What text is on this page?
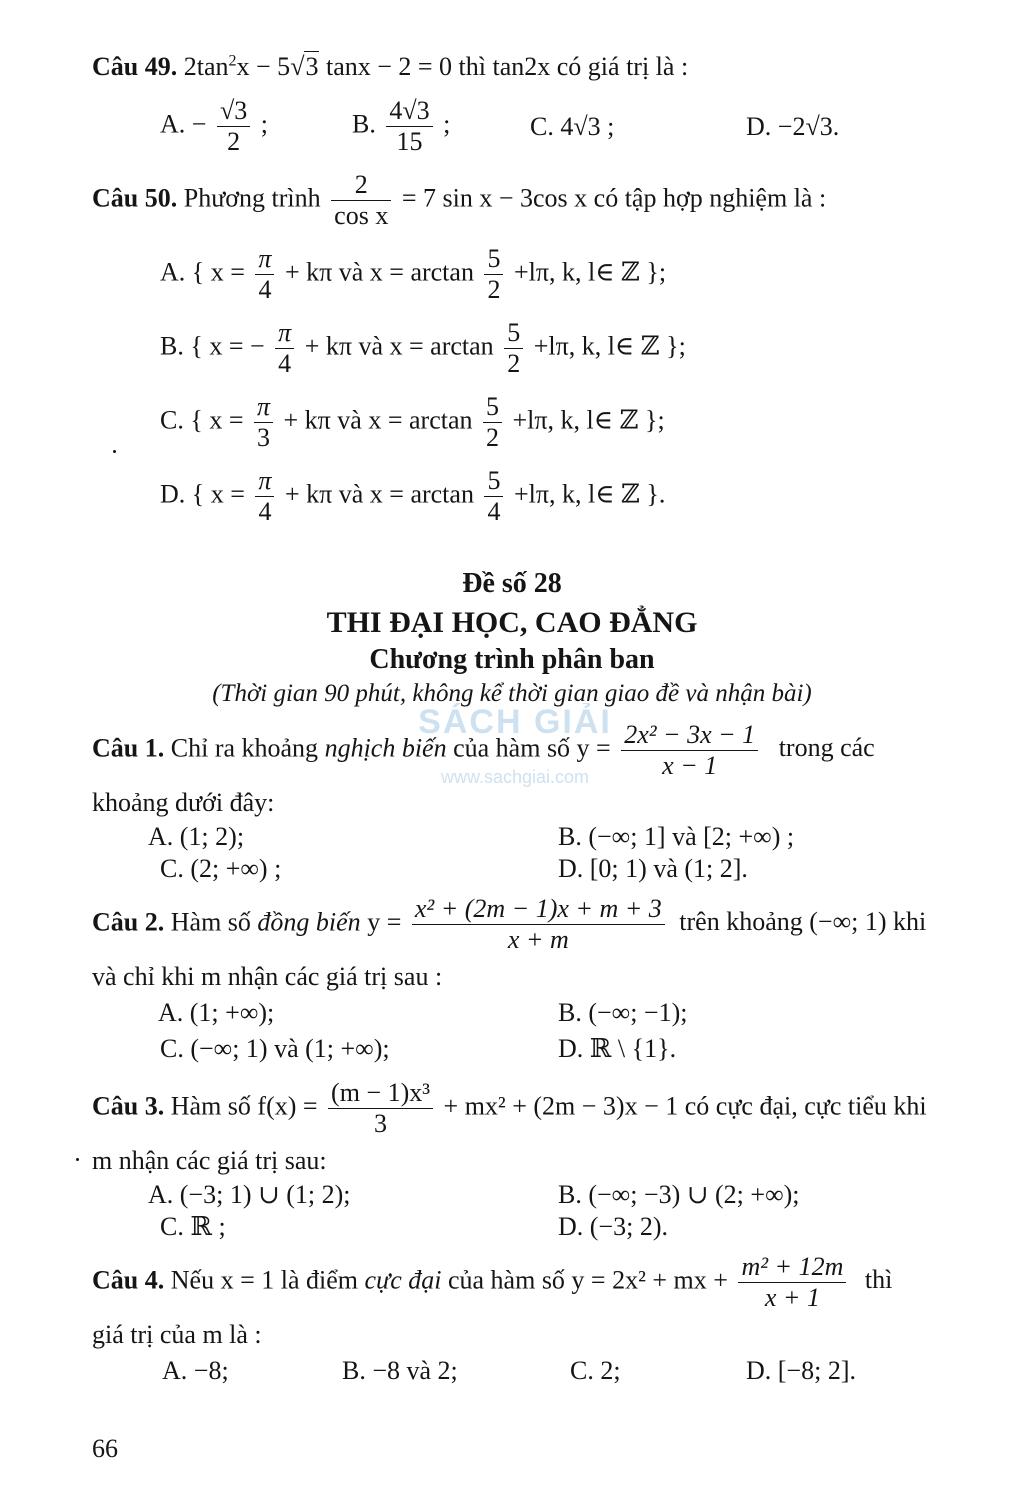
Câu 49. $2\tan^2x - 5√3$ tanx − 2 = 0 thì tan2x có giá trị là :
A. − $\frac{√3}{2}$ ;	B. $\frac{4√3}{15}$ ;	C. 4√3 ;	D. −2√3.
Câu 50. Phương trình $\frac{2}{\text{cos x}} = 7$ sin x − 3cos x có tập hợp nghiệm là :
A. { $x = \frac{\pi}{4} + k\pi$ và $x = \arctan \frac{5}{2} +l\pi$, k, l∈ ℤ };
B. { x = − $\frac{\pi}{4} + k\pi$ và $x = \arctan \frac{5}{2} +l\pi$, k, l∈ ℤ };
C. { $x = \frac{\pi}{3} + k\pi$ và $x = \arctan \frac{5}{2} +l\pi$, k, l∈ ℤ };
D. { $x = \frac{\pi}{4} + k\pi$ và $x = \arctan \frac{5}{4} +l\pi$, k, l∈ ℤ }.
Đề số 28
THI ĐẠI HỌC, CAO ĐẲNG
Chương trình phân ban
(Thời gian 90 phút, không kể thời gian giao đề và nhận bài)
SÁCH GIẢI
www.sachgiai.com
Câu 1. Chỉ ra khoảng nghịch biến của hàm số $y = \frac{\text{2x² − 3x − 1}}{x - 1}$ trong các
khoảng dưới đây:
A. (1; 2);	B. (−∞; 1] và [2; +∞) ;
C. (2; +∞) ;	D. [0; 1) và (1; 2].
Câu 2. Hàm số đồng biến $y = \frac{\text{x² + (2m − 1)x + m + 3}}{x + m}$ trên khoảng (−∞; 1) khi
và chỉ khi m nhận các giá trị sau :
A. (1; +∞);	B. (−∞; −1);
C. (−∞; 1) và (1; +∞);	D. ℝ \ {1}.
Câu 3. Hàm số $f(x) = \frac{\text{(m − 1)x³}}{3} + mx^2 + (2m - 3)x - 1$ có cực đại, cực tiểu khi
m nhận các giá trị sau:
A. (−3; 1) ∪ (1; 2);	B. (−∞; −3) ∪ (2; +∞);
C. ℝ ;	D. (−3; 2).
Câu 4. Nếu x = 1 là điểm cực đại của hàm số y = 2x² + mx + $\frac{\text{m² + 12m}}{x + 1}$ thì
giá trị của m là :
A. −8;	B. −8 và 2;	C. 2;	D. [−8; 2].
66
